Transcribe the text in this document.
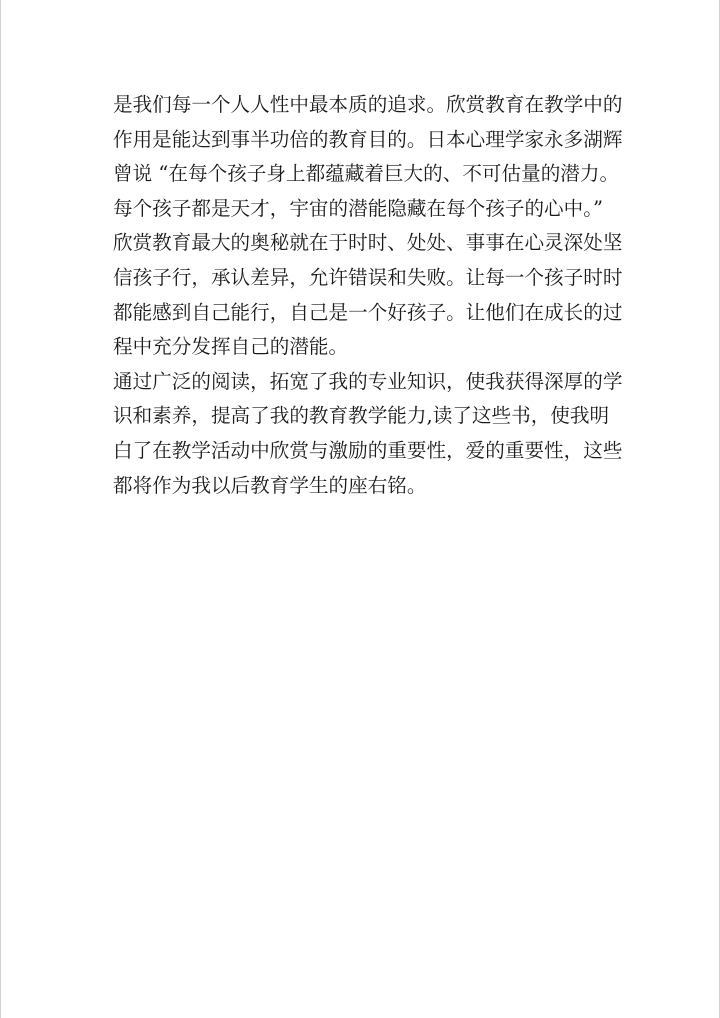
是我们每一个人人性中最本质的追求。欣赏教育在教学中的
作用是能达到事半功倍的教育目的。日本心理学家永多湖辉
曾说 “在每个孩子身上都蕴藏着巨大的、不可估量的潜力。
每个孩子都是天才，宇宙的潜能隐藏在每个孩子的心中。”
欣赏教育最大的奥秘就在于时时、处处、事事在心灵深处坚
信孩子行，承认差异，允许错误和失败。让每一个孩子时时
都能感到自己能行，自己是一个好孩子。让他们在成长的过
程中充分发挥自己的潜能。
通过广泛的阅读，拓宽了我的专业知识，使我获得深厚的学
识和素养，提高了我的教育教学能力,读了这些书，使我明
白了在教学活动中欣赏与激励的重要性，爱的重要性，这些
都将作为我以后教育学生的座右铭。
